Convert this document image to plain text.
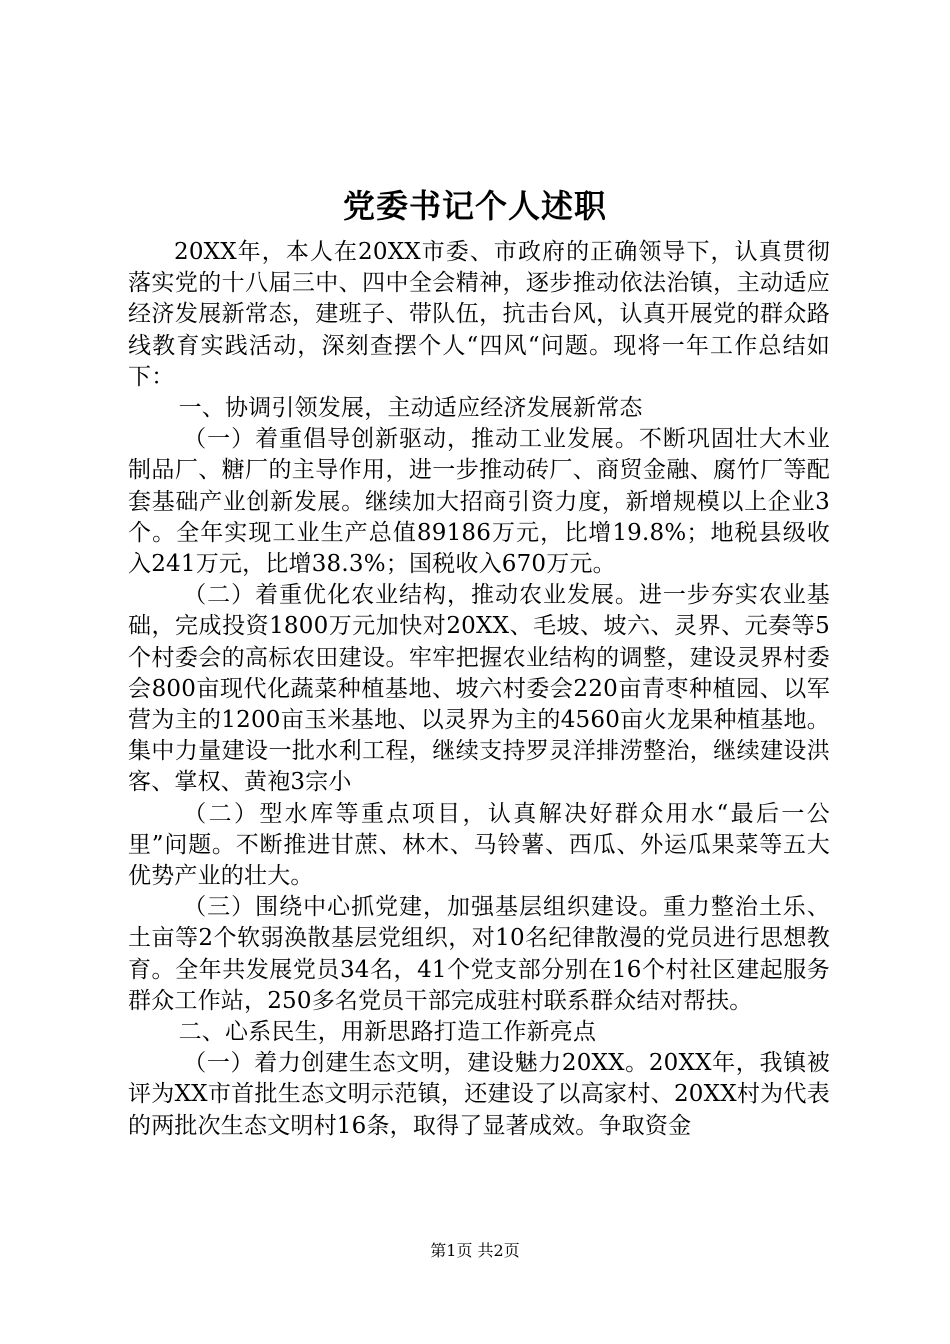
党委书记个人述职

20XX年，本人在20XX市委、市政府的正确领导下，认真贯彻落实党的十八届三中、四中全会精神，逐步推动依法治镇，主动适应经济发展新常态，建班子、带队伍，抗击台风，认真开展党的群众路线教育实践活动，深刻查摆个人“四风“问题。现将一年工作总结如下：

一、协调引领发展，主动适应经济发展新常态

（一）着重倡导创新驱动，推动工业发展。不断巩固壮大木业制品厂、糖厂的主导作用，进一步推动砖厂、商贸金融、腐竹厂等配套基础产业创新发展。继续加大招商引资力度，新增规模以上企业3个。全年实现工业生产总值89186万元，比增19.8%；地税县级收入241万元，比增38.3%；国税收入670万元。

（二）着重优化农业结构，推动农业发展。进一步夯实农业基础，完成投资1800万元加快对20XX、毛坡、坡六、灵界、元奏等5个村委会的高标农田建设。牢牢把握农业结构的调整，建设灵界村委会800亩现代化蔬菜种植基地、坡六村委会220亩青枣种植园、以军营为主的1200亩玉米基地、以灵界为主的4560亩火龙果种植基地。集中力量建设一批水利工程，继续支持罗灵洋排涝整治，继续建设洪客、掌权、黄袍3宗小

（二）型水库等重点项目，认真解决好群众用水“最后一公里”问题。不断推进甘蔗、林木、马铃薯、西瓜、外运瓜果菜等五大优势产业的壮大。

（三）围绕中心抓党建，加强基层组织建设。重力整治土乐、土亩等2个软弱涣散基层党组织，对10名纪律散漫的党员进行思想教育。全年共发展党员34名，41个党支部分别在16个村社区建起服务群众工作站，250多名党员干部完成驻村联系群众结对帮扶。

二、心系民生，用新思路打造工作新亮点

（一）着力创建生态文明，建设魅力20XX。20XX年，我镇被评为XX市首批生态文明示范镇，还建设了以高家村、20XX村为代表的两批次生态文明村16条，取得了显著成效。争取资金

第1页 共2页
